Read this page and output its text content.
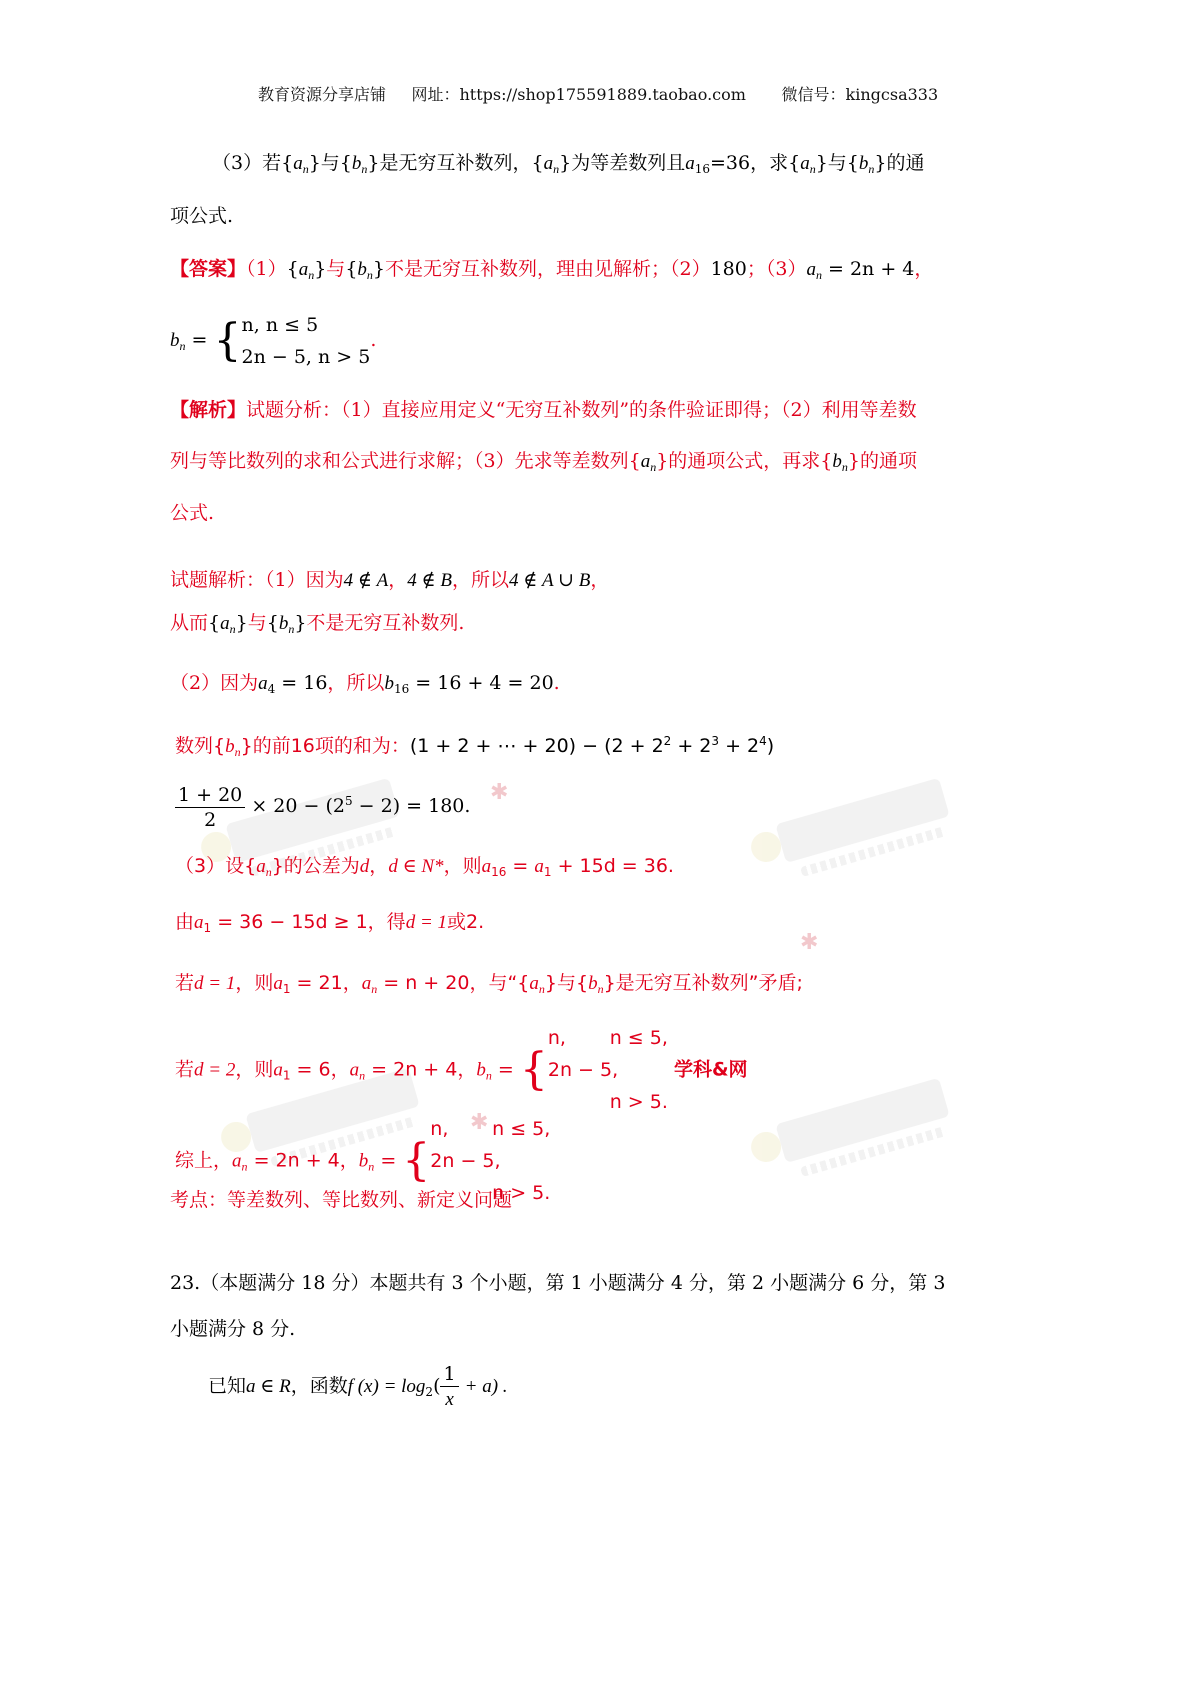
教育资源分享店铺 网址：https://shop175591889.taobao.com 微信号：kingcsa333
✱
✱
✱
（3）若$\{a_n\}$与$\{b_n\}$是无穷互补数列，$\{a_n\}$为等差数列且$a_{16}=36$，求$\{a_n\}$与$\{b_n\}$的通
项公式.
【答案】$(1)\{a_n\}$与$\{b_n\}$不是无穷互补数列，理由见解析；（2）180；$(3)a_n = 2n + 4$，
$b_n$ = { n, n ≤ 5
2n − 5, n > 5
.
【解析】试题分析：（1）直接应用定义“无穷互补数列”的条件验证即得；（2）利用等差数
列与等比数列的求和公式进行求解；（3）先求等差数列$\{a_n\}$的通项公式，再求$\{b_n\}$的通项
公式.
试题解析：（1）因为4 ∉ A，4 ∉ B，所以4 ∉ A ∪ B，
从而$\{a_n\}$与$\{b_n\}$不是无穷互补数列.
（2）因为$a_4 = 16$，所以$b_{16} = 16 + 4 = 20$.
数列$\{b_n\}$的前16项的和为：(1 + 2 + ⋯ + $20) - (2 + 2^2 + 2^3 + 2^4)$
$\frac{1 + 20}{2} \times 20 - (2^5 - 2) = 180$.
（3）设$\{a_n\}$的公差为d，d ∈ N*，则$a_{16} = a_1 + 15d = 36$.
由$a_1 = 36 - 15d \ge 1$，得d = 1或2.
若d = 1，则$a_1 = 21$，$a_n = n + 20$，与“$\{a_n\}$与$\{b_n\}$是无穷互补数列”矛盾;
若d = 2，则$a_1 = 6$，$a_n = 2n + 4$，$b_n$ = {
n, n ≤ 5,
2n − 5,
n > 5.
学科&网
综上，$a_n = 2n + 4$，$b_n$ = {
n, n ≤ 5,
2n − 5,
n > 5.
考点：等差数列、等比数列、新定义问题
23.（本题满分 18 分）本题共有 3 个小题，第 1 小题满分 4 分，第 2 小题满分 6 分，第 3
小题满分 8 分.
已知a ∈ R，函数f $(x) = \log_2( \frac{1}{x} + a)$ .
